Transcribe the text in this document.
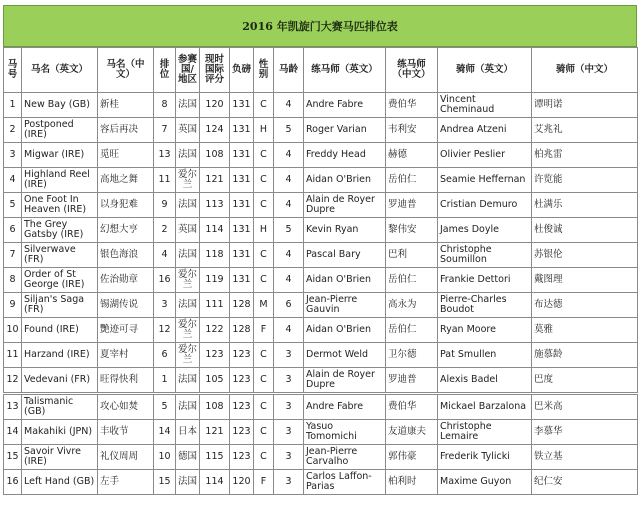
2016 年凯旋门大赛马匹排位表
马号	马名（英文）	马名（中文）	排位	参赛国/地区	现时国际评分	负磅	性别	马龄	练马师（英文）	练马师（中文）	骑师（英文）	骑师（中文）
1	New Bay (GB)	新桂	8	法国	120	131	C	4	Andre Fabre	费伯华	Vincent Cheminaud	谭明诺
2	Postponed (IRE)	容后再决	7	英国	124	131	H	5	Roger Varian	韦利安	Andrea Atzeni	艾兆礼
3	Migwar (IRE)	觅旺	13	法国	108	131	C	4	Freddy Head	赫德	Olivier Peslier	柏兆雷
4	Highland Reel (IRE)	高地之舞	11	爱尔兰	121	131	C	4	Aidan O'Brien	岳伯仁	Seamie Heffernan	许览能
5	One Foot In Heaven (IRE)	以身犯难	9	法国	113	131	C	4	Alain de Royer Dupre	罗迪普	Cristian Demuro	杜满乐
6	The Grey Gatsby (IRE)	幻想大亨	2	英国	114	131	H	5	Kevin Ryan	黎伟安	James Doyle	杜俊诚
7	Silverwave (FR)	银色海浪	4	法国	118	131	C	4	Pascal Bary	巴利	Christophe Soumillon	苏银伦
8	Order of St George (IRE)	佐治勋章	16	爱尔兰	119	131	C	4	Aidan O'Brien	岳伯仁	Frankie Dettori	戴图理
9	Siljan's Saga (FR)	锡湖传说	3	法国	111	128	M	6	Jean-Pierre Gauvin	高永为	Pierre-Charles Boudot	布达德
10	Found (IRE)	艷迹可寻	12	爱尔兰	122	128	F	4	Aidan O'Brien	岳伯仁	Ryan Moore	莫雅
11	Harzand (IRE)	夏宰村	6	爱尔兰	123	123	C	3	Dermot Weld	卫尔德	Pat Smullen	施慕龄
12	Vedevani (FR)	旺得快利	1	法国	105	123	C	3	Alain de Royer Dupre	罗迪普	Alexis Badel	巴度
13	Talismanic (GB)	攻心如焚	5	法国	108	123	C	3	Andre Fabre	费伯华	Mickael Barzalona	巴米高
14	Makahiki (JPN)	丰收节	14	日本	121	123	C	3	Yasuo Tomomichi	友道康夫	Christophe Lemaire	李慕华
15	Savoir Vivre (IRE)	礼仪周周	10	德国	115	123	C	3	Jean-Pierre Carvalho	郭伟豪	Frederik Tylicki	铁立基
16	Left Hand (GB)	左手	15	法国	114	120	F	3	Carlos Laffon-Parias	柏利时	Maxime Guyon	纪仁安
